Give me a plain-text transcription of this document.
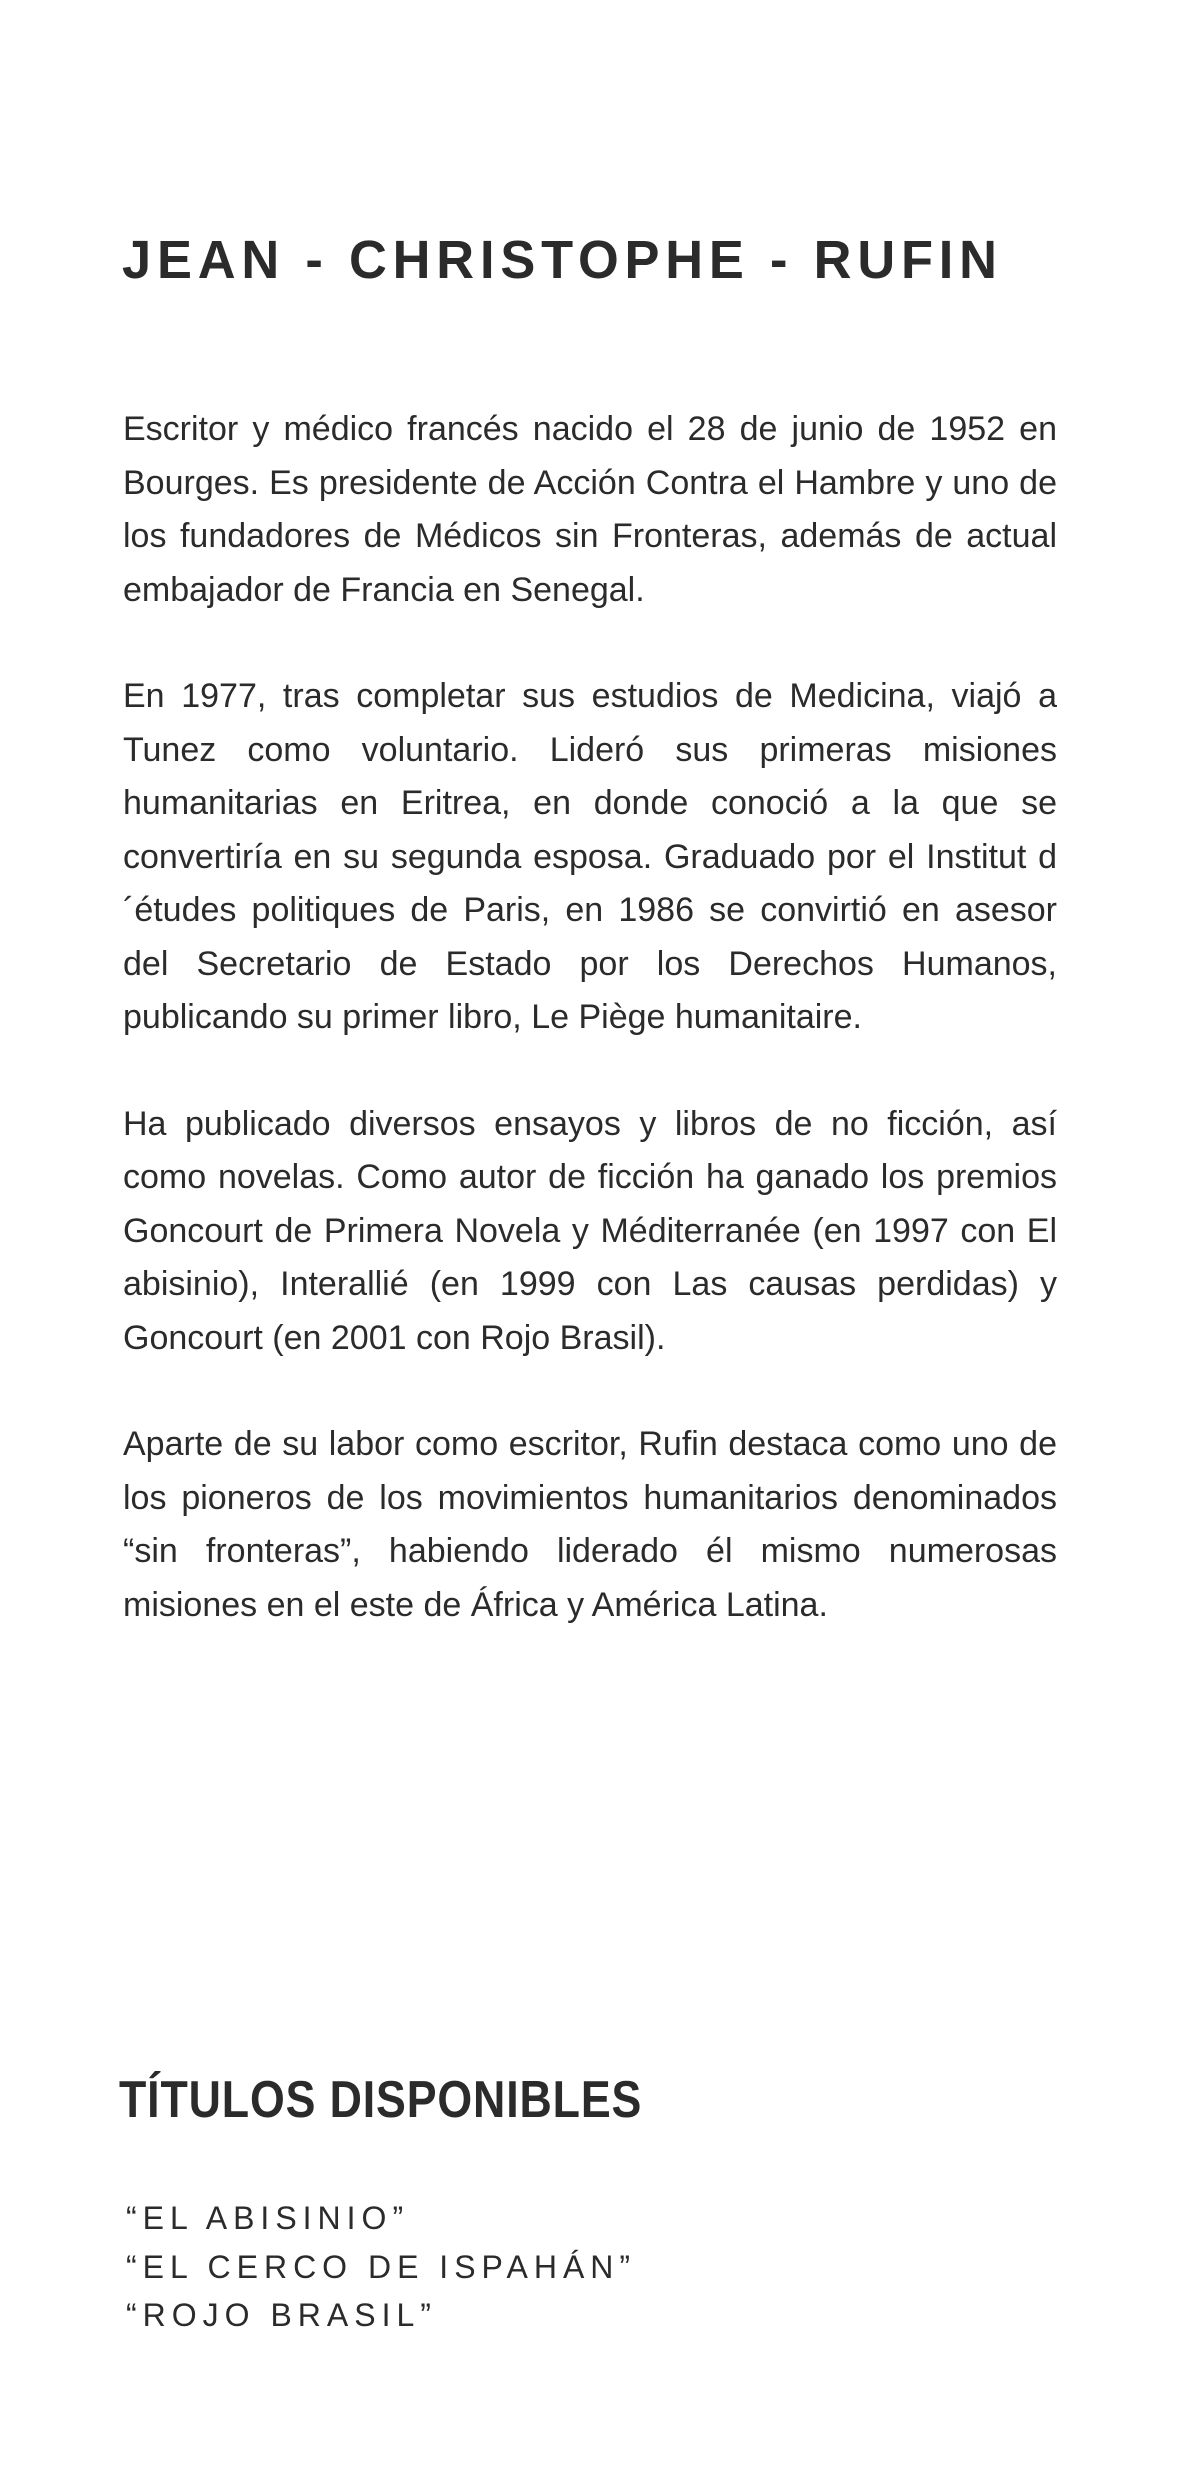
JEAN - CHRISTOPHE - RUFIN

Escritor y médico francés nacido el 28 de junio de 1952 en Bourges. Es presidente de Acción Contra el Hambre y uno de los fundadores de Médicos sin Fronteras, además de actual embajador de Francia en Senegal.

En 1977, tras completar sus estudios de Medicina, viajó a Tunez como voluntario. Lideró sus primeras misiones humanitarias en Eritrea, en donde conoció a la que se convertiría en su segunda esposa. Graduado por el Institut d´études politiques de Paris, en 1986 se convirtió en asesor del Secretario de Estado por los Derechos Humanos, publicando su primer libro, Le Piège humanitaire.

Ha publicado diversos ensayos y libros de no ficción, así como novelas. Como autor de ficción ha ganado los premios Goncourt de Primera Novela y Méditerranée (en 1997 con El abisinio), Interallié (en 1999 con Las causas perdidas) y Goncourt (en 2001 con Rojo Brasil).

Aparte de su labor como escritor, Rufin destaca como uno de los pioneros de los movimientos humanitarios denominados “sin fronteras”, habiendo liderado él mismo numerosas misiones en el este de África y América Latina.

TÍTULOS DISPONIBLES
“EL ABISINIO”
“EL CERCO DE ISPAHÁN”
“ROJO BRASIL”
